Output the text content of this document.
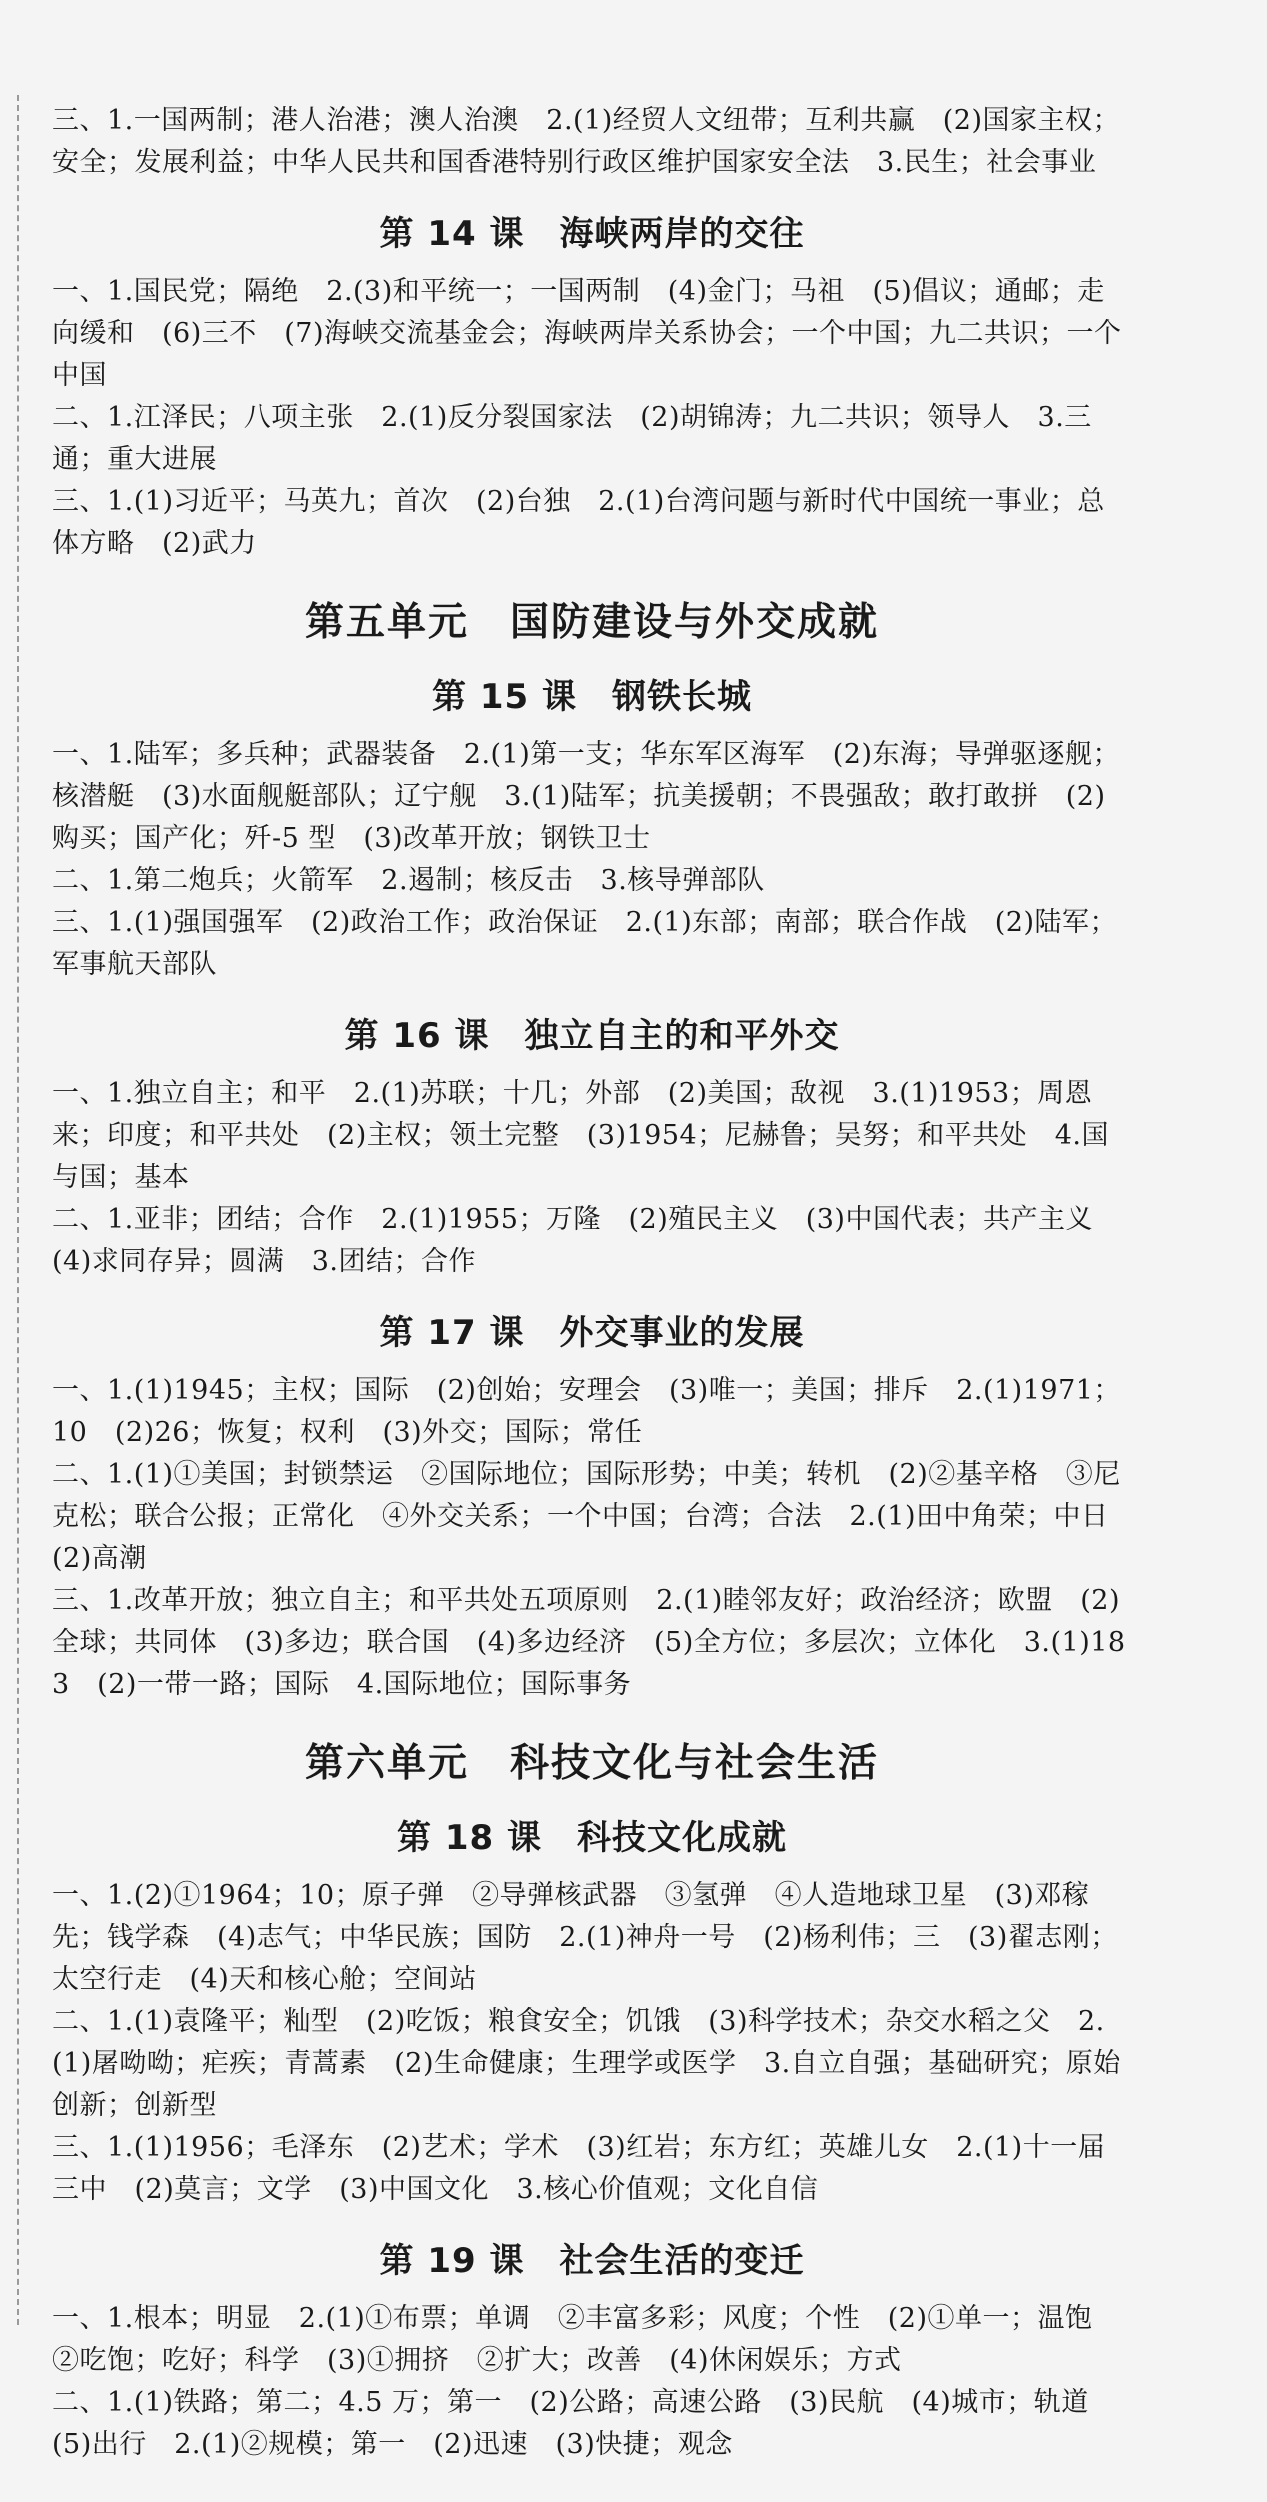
三、1.一国两制；港人治港；澳人治澳　2.(1)经贸人文纽带；互利共赢　(2)国家主权；安全；发展利益；中华人民共和国香港特别行政区维护国家安全法　3.民生；社会事业

第 14 课　海峡两岸的交往

一、1.国民党；隔绝　2.(3)和平统一；一国两制　(4)金门；马祖　(5)倡议；通邮；走向缓和　(6)三不　(7)海峡交流基金会；海峡两岸关系协会；一个中国；九二共识；一个中国

二、1.江泽民；八项主张　2.(1)反分裂国家法　(2)胡锦涛；九二共识；领导人　3.三通；重大进展

三、1.(1)习近平；马英九；首次　(2)台独　2.(1)台湾问题与新时代中国统一事业；总体方略　(2)武力

第五单元　国防建设与外交成就
第 15 课　钢铁长城

一、1.陆军；多兵种；武器装备　2.(1)第一支；华东军区海军　(2)东海；导弹驱逐舰；核潜艇　(3)水面舰艇部队；辽宁舰　3.(1)陆军；抗美援朝；不畏强敌；敢打敢拼　(2)购买；国产化；歼-5 型　(3)改革开放；钢铁卫士

二、1.第二炮兵；火箭军　2.遏制；核反击　3.核导弹部队

三、1.(1)强国强军　(2)政治工作；政治保证　2.(1)东部；南部；联合作战　(2)陆军；军事航天部队

第 16 课　独立自主的和平外交

一、1.独立自主；和平　2.(1)苏联；十几；外部　(2)美国；敌视　3.(1)1953；周恩来；印度；和平共处　(2)主权；领土完整　(3)1954；尼赫鲁；吴努；和平共处　4.国与国；基本

二、1.亚非；团结；合作　2.(1)1955；万隆　(2)殖民主义　(3)中国代表；共产主义　(4)求同存异；圆满　3.团结；合作

第 17 课　外交事业的发展

一、1.(1)1945；主权；国际　(2)创始；安理会　(3)唯一；美国；排斥　2.(1)1971；10　(2)26；恢复；权利　(3)外交；国际；常任

二、1.(1)①美国；封锁禁运　②国际地位；国际形势；中美；转机　(2)②基辛格　③尼克松；联合公报；正常化　④外交关系；一个中国；台湾；合法　2.(1)田中角荣；中日　(2)高潮

三、1.改革开放；独立自主；和平共处五项原则　2.(1)睦邻友好；政治经济；欧盟　(2)全球；共同体　(3)多边；联合国　(4)多边经济　(5)全方位；多层次；立体化　3.(1)183　(2)一带一路；国际　4.国际地位；国际事务

第六单元　科技文化与社会生活
第 18 课　科技文化成就

一、1.(2)①1964；10；原子弹　②导弹核武器　③氢弹　④人造地球卫星　(3)邓稼先；钱学森　(4)志气；中华民族；国防　2.(1)神舟一号　(2)杨利伟；三　(3)翟志刚；太空行走　(4)天和核心舱；空间站

二、1.(1)袁隆平；籼型　(2)吃饭；粮食安全；饥饿　(3)科学技术；杂交水稻之父　2.(1)屠呦呦；疟疾；青蒿素　(2)生命健康；生理学或医学　3.自立自强；基础研究；原始创新；创新型

三、1.(1)1956；毛泽东　(2)艺术；学术　(3)红岩；东方红；英雄儿女　2.(1)十一届三中　(2)莫言；文学　(3)中国文化　3.核心价值观；文化自信

第 19 课　社会生活的变迁

一、1.根本；明显　2.(1)①布票；单调　②丰富多彩；风度；个性　(2)①单一；温饱　②吃饱；吃好；科学　(3)①拥挤　②扩大；改善　(4)休闲娱乐；方式

二、1.(1)铁路；第二；4.5 万；第一　(2)公路；高速公路　(3)民航　(4)城市；轨道　(5)出行　2.(1)②规模；第一　(2)迅速　(3)快捷；观念
